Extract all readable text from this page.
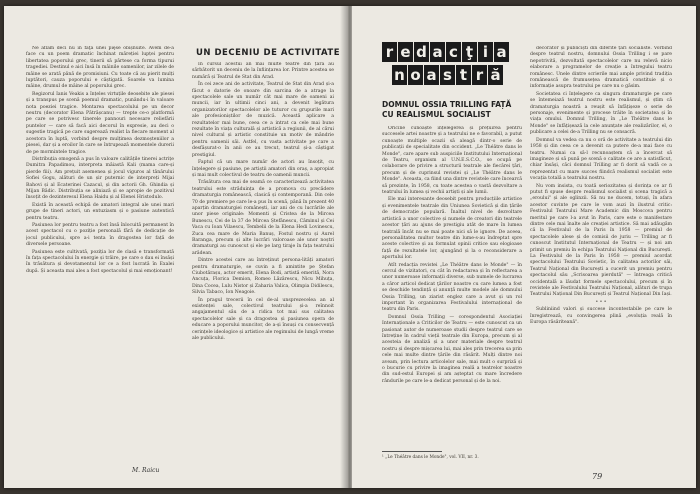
Ne aflăm deci nu în faţa unei pięse obișnuite. Avem de-a face cu un poem dramatic închinat măreției lupței pentru libertatea poporului grec, tinerii să părtese ca forma tipurui tragediei. Destinul e aici însă în mâinile oamenilor, iar zilele de mâine se arată până de promisiuni. Cu toate că au pierit mulți luptători, cauza poporului e câștigată. Soarele va lumina mâine, drumul de mâine al poporului grec.

Regizorul Ianis Veakis a înțeles virtuțile deosebite ale piesei și a transpus pe scenă poemul dramatic, punându-i în valoare nota poeziei tragice. Montarea spectacolului pe un decor neutru (decorator Elena Pătrășcanu) — trepte ce-o platformă pe care se potrivesc tinerele pannouri necesare reliefării puntelor — care să facă aici decorul în expresie, au deci o sugestie tragică pe care sugerează realist la fiecare moment al acestora în luptă, vorbind despre mulțimea dezmoșteniilor a piesei, dar și a eroilor în care se întrupează momentele durerii de pe mormintele tragice.

Distribuția omogenă a pus în valoare calitățile tinerei actrițe Dumitra Papadimou, interpreta măiastă Kali (mama care-și pierde fiii). Am prețuit asemenea și jocul viguros al tânărului Sofiei Gogu, alături de un șir puternic de interpreți Mijai Bahovi și al Ecaterinei Cazacul, și din actorii Gh. Ghindia și Mijan Bădic. Distribuția se aliniază și se apropie de pozitivul însoțit de dezinteresul Elena Haidu și al Elenei Hristodulo.

Există în această echipă de amatori integral ale unei mari grupe de tineri actori, un entuziasm și o pasiune autentică pentru teatru.

Pasiunea lor pentru teatru a fost însă înlocuită permanent în acest spectacol cu o poziție personală fără de dedicație de jocul publicului, spre a-i tenta în dragostea lor față de diversele persoane.

Pasiunea este cultivată, poziția lor de clasă e transformată în fața spectacolului în energie și trăire, pe care o dau ei însăși în trăsătura și devotamentul lor ce a fost lucrată în Exalei după. Și aceasta mai ales a fost spectacolul și mai emoționant!

M. Raicu
UN DECENIU DE ACTIVITATE

În cursul acestui an mai multe teatre din țară au sărbătorit un deceniu de la înființarea lor. Printre acestea se numără și Teatrul de Stat din Arad.

În cei zece ani de activitate, Teatrul de Stat din Arad și-a făcut o datorie de onoare din sarcina de a atrage la spectacolele sale un număr cât mai mare de oameni ai muncii, iar în ultimii cinci ani, a devenit legătura organizatorilor spectacolelor ale tuturor cu grupurile mari ale profesioniștilor de muzică. Această aplicare a rezultatelor mai bune, ceea ce a intrat ca cele mai bune rezultate în viața culturală și artistică a regiunii, de al cărui nivel cultural și artistic constituie un motiv de mândrie pentru oamenii săi. Astfel, cu vasta activitate pe care a desfășurat-o în anii ce au trecut, teatrul și-a câștigat prestigiul.

Faptul că un mare număr de actori au însoțit, cu înțelegere și pasiune, pe artiștii amatori din oraș, a apropiat și mai mult colectivul de teatru de oamenii muncii.

Trăsătura cea mai de seamă ce caracterizează activitatea teatrului este străduința de a promova cu precădere dramaturgia românească, clasică și contemporană. Din cele 70 de premiere pe care le-a pus în scenă, până în prezent 40 aparțin dramaturgiei românești, iar ani de cu lucrările ale unor piese originale: Momenti și Cristea de la Mircea Bunescu, Cei de la 37 de Mircea Ștefănescu, Căminul și Cei Vaca cu Ioan Vilaescu, Tembelii de la Elena Hedi Lovinescu, Zuca cea mare de Maria Banuș, Fostul nostru și Aurel Baranga, precum și alte lucrări valoroase ale unor noștri dramaturgi au cunoscut și ele pe larg tiraje în fața teatrului arădean.

Dintre acestei care au întreținut persona-lități amatori pentru dramaturgie, se cuvin a fi amintite pe Ștefan Ciubotărașu, actor emerit, Elena Bodi, artistă emerită, Nora Ancuța, Florica Demion, Romeo Lăzărescu, Nicu Mihuța, Dina Cocea, Lulu Nistor și Zaharia Valica, Olimpia Didilescu, Silvia Tabaco, Ion Neagoie.

În pragul trecerii în cel de-al unsprezecelea an al existenței sale, colectivul teatrului și-a reînnoit angajamentul său de a ridica tot mai sus calitatea spectacolelor sale și ca dragostea și pasiunea opera de educare a poporului muncitor, de a-și însuși cu consecvență cerințele ideologice și artistice ale regimului de lungă vreme ale publicului.

r e d a c ţ i a
n o a s t r ă
DOMNUL OSSIA TRILLING FAȚĂ CU REALISMUL SOCIALIST

Oricine cunoaște înțelegerea și prețuirea pentru succesele artei noastre și a teatrului ne e favorabil, a putut cunoaște multiple ocazii să aleagă dintr-o serie de publicații de specialitate din occident. „Le Théâtre dans le Monde", care apare sub auspiciile Institutului Internațional de Teatru, organism al U.N.E.S.C.O., se ocupă pe colaborare de privire a structurii teatrale ale fiecărei țări, precum și de cuprinsul revistei și „Le Théâtre dans le Monde". Aceasta, ca fiind una dintre revistele care încearcă să prezinte, în 1958, cu toate acestea o vastă dezvoltare a teatrului în lumea și vechii artiști și ale lumii.

Ele mai interesante deosebit pentru producțiile artistice și evenimentele teatrale din Uniunea Sovietică și din țările de democrație populară. Înaltul nivel de dezvoltare artistică a unor colective și numele de creatori din teatrele acestor țări au ajuns de prestigiu atât de mare în lumea teatrală încât nu se mai poate nici să le ignore. De aceea, personalitatea multor teatre din lume-s-au îndreptat spre aceste colective și au formulat opinii critice sau elogioase față de rezultatele lor, ajungând și la o reconsiderare a aportului lor.

Atît redacția revistei „Le Théâtre dans le Monde" — în cercul de vizitatori, cu cât în redactarea și în reflectarea a unor numeroase informații diverse, sub numele de lucrarea a căror articol dedicat ţărilor noastre cu care lumea a fost se deschide tendință și anunță multe modele ale domnului Ossia Trilling, un ziarist englez care a avut și un rol important în organizarea Festivalului internațional de teatru din Paris.

Domnul Ossia Trilling — corespondentul Asociației Internaționale a Criticilor de Teatru — este cunoscut ca un pasionat autor de numeroase studii despre teatrul care se întreține în cadrul vieții teatrale din Europa, precum și al acesteia de analiză și a unor materiale despre teatrul nostru și despre mișcarea lui, mai ales prin trecerea sa prin cele mai multe dintre țările din răsărit. Mulți dintre noi aveam, prin lectura articolelor sale, mai mult o surpriză și o bucurie cu privire la imaginea reală a teatrelor noastre din sud-estul Europei și am așteptat cu mare încredere rândurile pe care le-a dedicat personal și de la noi.

¹ „Le Théâtre dans le Monde", vol. VII, nr. 3.

decorator și publiciști din diferite țări socialiste. Vorbind despre teatrul nostru, domnului Ossia Trilling i se pare nepotrivită, dezvoltată spectacolelor care nu relevă nicio elaborare a programelor de creație a întregului teatru românesc. Unele dintre scrierile mai ample privind tradiția românească de frumusețea dramatică constituie și o informație asupra teatrului pe care nu o găsim.

Societatea ci înțelegere ca singura dramaturgie pe care se întemeiază teatrul nostru este realismul, și știm că dramaturgia noastră a reușit să înfățișeze o serie de personaje, evenimente și procese trăite în societatea și în viața omului. Domnul Trilling, în „Le Théâtre dans le Monde" se înfățișează la cele anunțate ale realizărilor, el, o publicare a celei de-a Trilling nu se consacră.

Domnul va vedea ca nu o oră de activitate a teatrului din 1958 și din ceea ce a devenit ca putere de-a mai face cu teatru. Numai ca să-l recunoaștem că a încercat să imagineze și să pună pe scenă o calitate ce are a satisfăcut, chiar însăși, căci domnul Trilling ar fi dorit să vadă ce a reprezentat cu mare succes fiindcă realismul socialist este vocația totală a teatrului nostru.

Nu vom insista, cu toată seriozitatea și dorința ce ar fi putut fi spuse despre realismul socialist și scena tragică a „eroului" și ale oglinzii. Să nu ne ducem, totuși, în afara acestor cuvinte pe care le vom auzi în ilustrul critic: Festivalul Teatrului Mare Academic din Moscova pentru meritul pe care l-a avut în Paris, care este o manifestare dintre cele mai înalte ale creației artistice. Să mai adăugăm că la Festivalul de la Paris în 1958 — premiul de spectacolele alese și de comisii de juriu — Trilling ar fi cunoscut Institutul Internațional de Teatru — și noi am primit un premiu în echipa Teatrului Național din București. La Festivalul de la Paris în 1958 — premiul acordat spectacolului Teatrului Sovietic, în calitatea actorilor săi, Teatrul Național din București a cucerit un premiu pentru spectacolul său „Scrisoarea pierdută" — întreaga critică occidentală a lăudat formele spectacolului, precum și în revistele ale Festivalului Teatrului Național, alături de trupa Teatrului Național Din București și Teatrul Național Din Iași.

• • •

Subliniind valori și succese incontestabile pe care le înregistrează, cu convingerea plină „evoluția reală în Europa răsăriteană".

79
